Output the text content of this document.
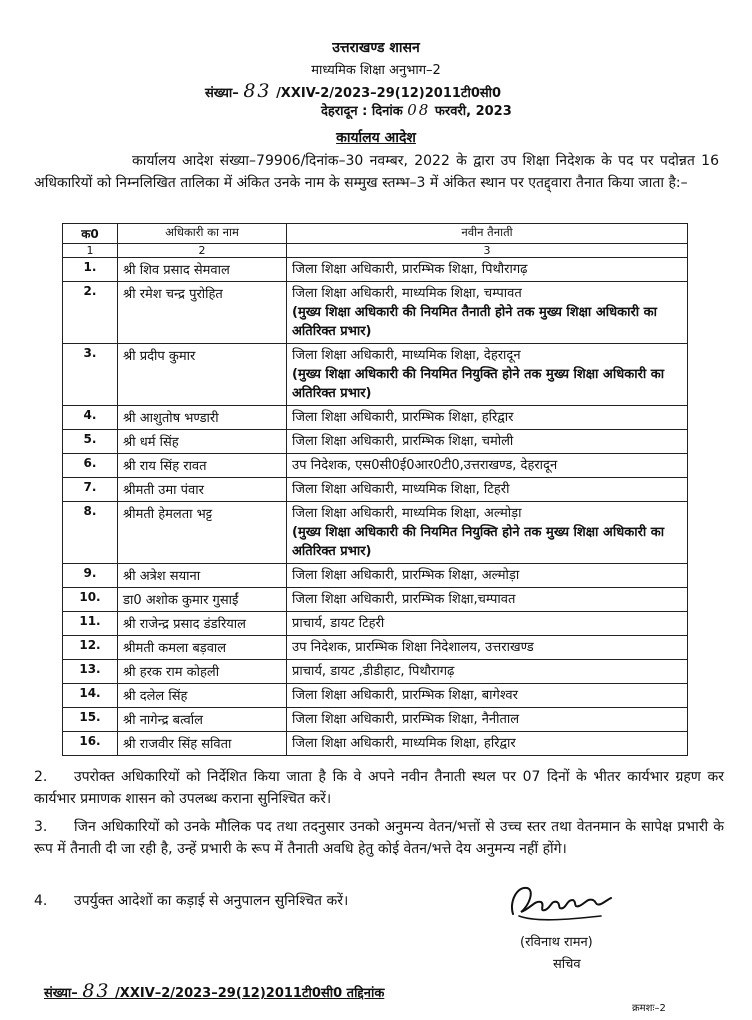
उत्तराखण्ड शासन
माध्यमिक शिक्षा अनुभाग–2
संख्या– 83 /XXIV-2/2023–29(12)2011टी0सी0
देहरादून : दिनांक 08 फरवरी, 2023
कार्यालय आदेश
कार्यालय आदेश संख्या–79906/दिनांक–30 नवम्बर, 2022 के द्वारा उप शिक्षा निदेशक के पद पर पदोन्नत 16 अधिकारियों को निम्नलिखित तालिका में अंकित उनके नाम के सम्मुख स्तम्भ–3 में अंकित स्थान पर एतद्द्वारा तैनात किया जाता है:–
क0	अधिकारी का नाम	नवीन तैनाती
1	2	3
1.	श्री शिव प्रसाद सेमवाल	जिला शिक्षा अधिकारी, प्रारम्भिक शिक्षा, पिथौरागढ़

2.	श्री रमेश चन्द्र पुरोहित	जिला शिक्षा अधिकारी, माध्यमिक शिक्षा, चम्पावत
(मुख्य शिक्षा अधिकारी की नियमित तैनाती होने तक मुख्य शिक्षा अधिकारी का अतिरिक्त प्रभार)

3.	श्री प्रदीप कुमार	जिला शिक्षा अधिकारी, माध्यमिक शिक्षा, देहरादून
(मुख्य शिक्षा अधिकारी की नियमित नियुक्ति होने तक मुख्य शिक्षा अधिकारी का अतिरिक्त प्रभार)

4.	श्री आशुतोष भण्डारी	जिला शिक्षा अधिकारी, प्रारम्भिक शिक्षा, हरिद्वार

5.	श्री धर्म सिंह	जिला शिक्षा अधिकारी, प्रारम्भिक शिक्षा, चमोली

6.	श्री राय सिंह रावत	उप निदेशक, एस0सी0ई0आर0टी0,उत्तराखण्ड, देहरादून

7.	श्रीमती उमा पंवार	जिला शिक्षा अधिकारी, माध्यमिक शिक्षा, टिहरी

8.	श्रीमती हेमलता भट्ट	जिला शिक्षा अधिकारी, माध्यमिक शिक्षा, अल्मोड़ा
(मुख्य शिक्षा अधिकारी की नियमित नियुक्ति होने तक मुख्य शिक्षा अधिकारी का अतिरिक्त प्रभार)

9.	श्री अत्रेश सयाना	जिला शिक्षा अधिकारी, प्रारम्भिक शिक्षा, अल्मोड़ा

10.	डा0 अशोक कुमार गुसाईं	जिला शिक्षा अधिकारी, प्रारम्भिक शिक्षा,चम्पावत

11.	श्री राजेन्द्र प्रसाद डंडरियाल	प्राचार्य, डायट टिहरी

12.	श्रीमती कमला बड़वाल	उप निदेशक, प्रारम्भिक शिक्षा निदेशालय, उत्तराखण्ड

13.	श्री हरक राम कोहली	प्राचार्य, डायट ,डीडीहाट, पिथौरागढ़

14.	श्री दलेल सिंह	जिला शिक्षा अधिकारी, प्रारम्भिक शिक्षा, बागेश्वर

15.	श्री नागेन्द्र बर्त्वाल	जिला शिक्षा अधिकारी, प्रारम्भिक शिक्षा, नैनीताल

16.	श्री राजवीर सिंह सविता	जिला शिक्षा अधिकारी, माध्यमिक शिक्षा, हरिद्वार
2. उपरोक्त अधिकारियों को निर्देशित किया जाता है कि वे अपने नवीन तैनाती स्थल पर 07 दिनों के भीतर कार्यभार ग्रहण कर कार्यभार प्रमाणक शासन को उपलब्ध कराना सुनिश्चित करें।
3. जिन अधिकारियों को उनके मौलिक पद तथा तदनुसार उनको अनुमन्य वेतन/भत्तों से उच्च स्तर तथा वेतनमान के सापेक्ष प्रभारी के रूप में तैनाती दी जा रही है, उन्हें प्रभारी के रूप में तैनाती अवधि हेतु कोई वेतन/भत्ते देय अनुमन्य नहीं होंगे।
4. उपर्युक्त आदेशों का कड़ाई से अनुपालन सुनिश्चित करें।
(रविनाथ रामन)
सचिव
संख्या– 83 /XXIV–2/2023–29(12)2011टी0सी0 तद्दिनांक
क्रमशः–2
